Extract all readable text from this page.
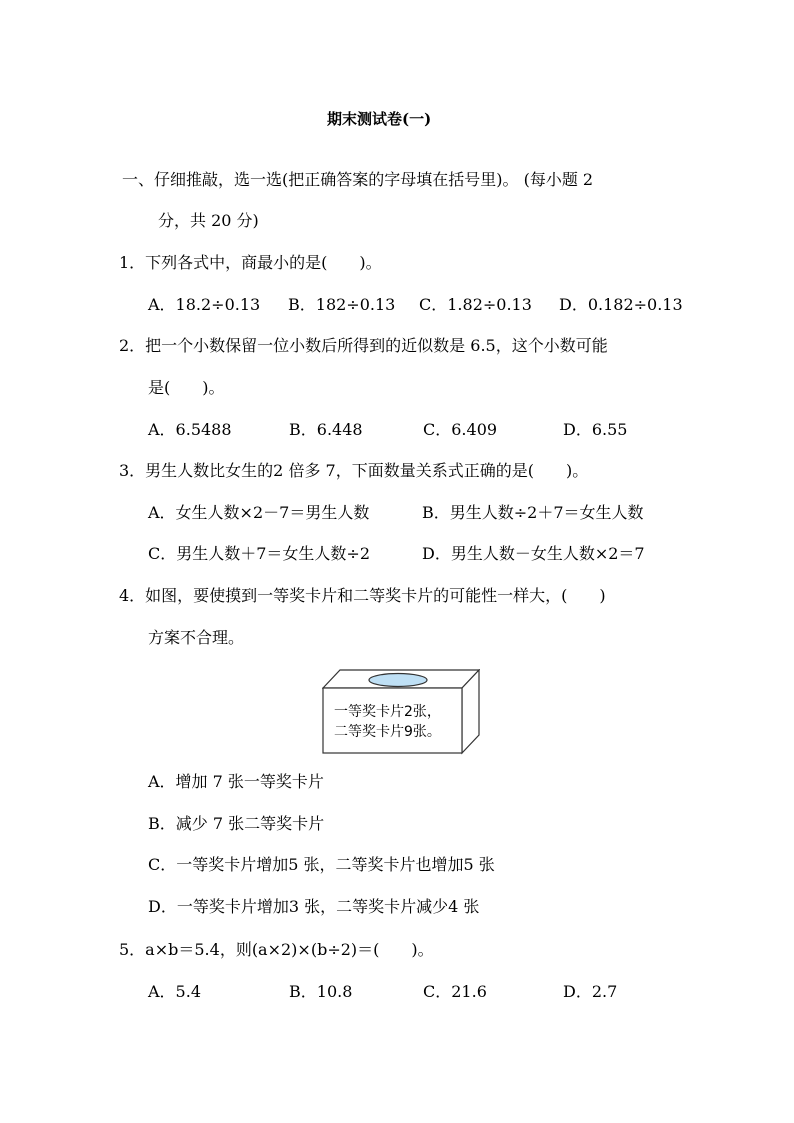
期末测试卷(一)
一、仔细推敲，选一选(把正确答案的字母填在括号里)。 (每小题 2
分，共 20 分)
1．下列各式中，商最小的是(　　)。
A．18.2÷0.13 B．182÷0.13 C．1.82÷0.13 D．0.182÷0.13
2．把一个小数保留一位小数后所得到的近似数是 6.5，这个小数可能
是(　　)。
A．6.5488	B．6.448	C．6.409	D．6.55
3．男生人数比女生的2 倍多 7，下面数量关系式正确的是(　　)。
A．女生人数×2－7＝男生人数	B．男生人数÷2＋7＝女生人数
C．男生人数＋7＝女生人数÷2	D．男生人数－女生人数×2＝7
4．如图，要使摸到一等奖卡片和二等奖卡片的可能性一样大，(　　)
方案不合理。
一等奖卡片2张，
二等奖卡片9张。
A．增加 7 张一等奖卡片
B．减少 7 张二等奖卡片
C．一等奖卡片增加5 张，二等奖卡片也增加5 张
D．一等奖卡片增加3 张，二等奖卡片减少4 张
5．a×b＝5.4，则(a×2)×(b÷2)＝(　　)。
A．5.4	B．10.8	C．21.6	D．2.7
